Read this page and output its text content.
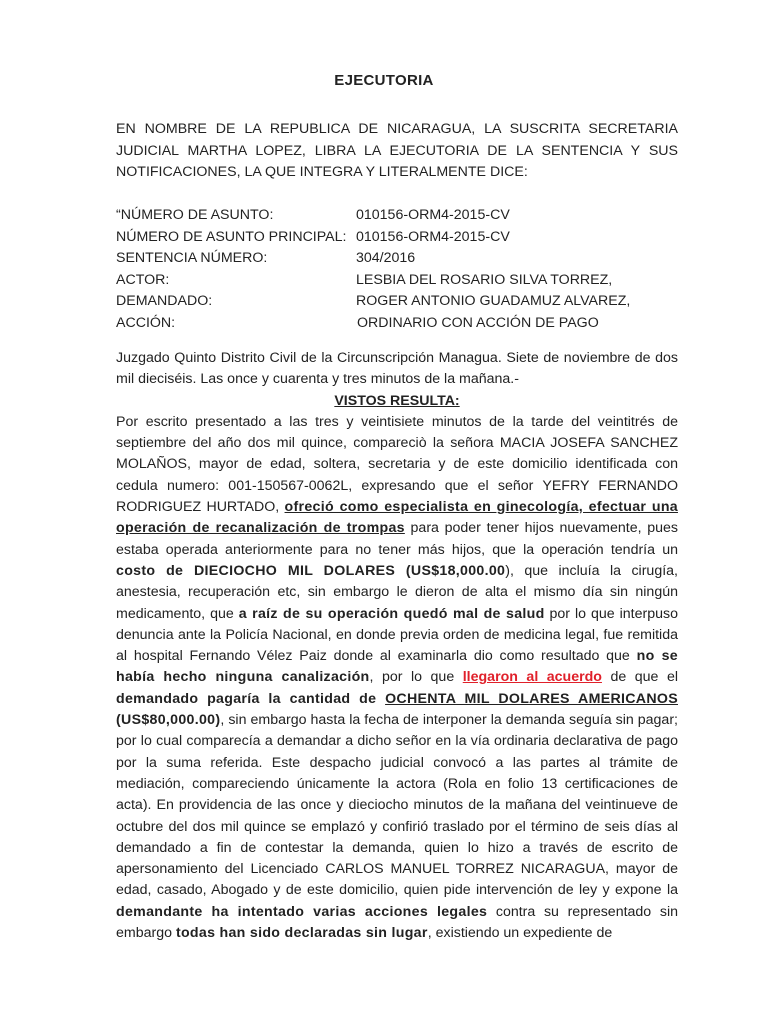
EJECUTORIA
EN NOMBRE DE LA REPUBLICA DE NICARAGUA, LA SUSCRITA SECRETARIA JUDICIAL MARTHA LOPEZ, LIBRA LA EJECUTORIA DE LA SENTENCIA Y SUS NOTIFICACIONES, LA QUE INTEGRA Y LITERALMENTE DICE:
“NÚMERO DE ASUNTO:	010156-ORM4-2015-CV
NÚMERO DE ASUNTO PRINCIPAL: 010156-ORM4-2015-CV
SENTENCIA NÚMERO:	304/2016
ACTOR:	LESBIA DEL ROSARIO SILVA TORREZ,
DEMANDADO:	ROGER ANTONIO GUADAMUZ ALVAREZ,
ACCIÓN:	ORDINARIO CON ACCIÓN DE PAGO

Juzgado Quinto Distrito Civil de la Circunscripción Managua. Siete de noviembre de dos mil dieciséis. Las once y cuarenta y tres minutos de la mañana.-

VISTOS RESULTA:

Por escrito presentado a las tres y veintisiete minutos de la tarde del veintitrés de septiembre del año dos mil quince, compareciò la señora MACIA JOSEFA SANCHEZ MOLAÑOS, mayor de edad, soltera, secretaria y de este domicilio identificada con cedula numero: 001-150567-0062L, expresando que el señor YEFRY FERNANDO RODRIGUEZ HURTADO, ofreció como especialista en ginecología, efectuar una operación de recanalización de trompas para poder tener hijos nuevamente, pues estaba operada anteriormente para no tener más hijos, que la operación tendría un costo de DIECIOCHO MIL DOLARES (US$18,000.00), que incluía la cirugía, anestesia, recuperación etc, sin embargo le dieron de alta el mismo día sin ningún medicamento, que a raíz de su operación quedó mal de salud por lo que interpuso denuncia ante la Policía Nacional, en donde previa orden de medicina legal, fue remitida al hospital Fernando Vélez Paiz donde al examinarla dio como resultado que no se había hecho ninguna canalización, por lo que llegaron al acuerdo de que el demandado pagaría la cantidad de OCHENTA MIL DOLARES AMERICANOS (US$80,000.00), sin embargo hasta la fecha de interponer la demanda seguía sin pagar; por lo cual comparecía a demandar a dicho señor en la vía ordinaria declarativa de pago por la suma referida. Este despacho judicial convocó a las partes al trámite de mediación, compareciendo únicamente la actora (Rola en folio 13 certificaciones de acta). En providencia de las once y dieciocho minutos de la mañana del veintinueve de octubre del dos mil quince se emplazó y confirió traslado por el término de seis días al demandado a fin de contestar la demanda, quien lo hizo a través de escrito de apersonamiento del Licenciado CARLOS MANUEL TORREZ NICARAGUA, mayor de edad, casado, Abogado y de este domicilio, quien pide intervención de ley y expone la demandante ha intentado varias acciones legales contra su representado sin embargo todas han sido declaradas sin lugar, existiendo un expediente de
